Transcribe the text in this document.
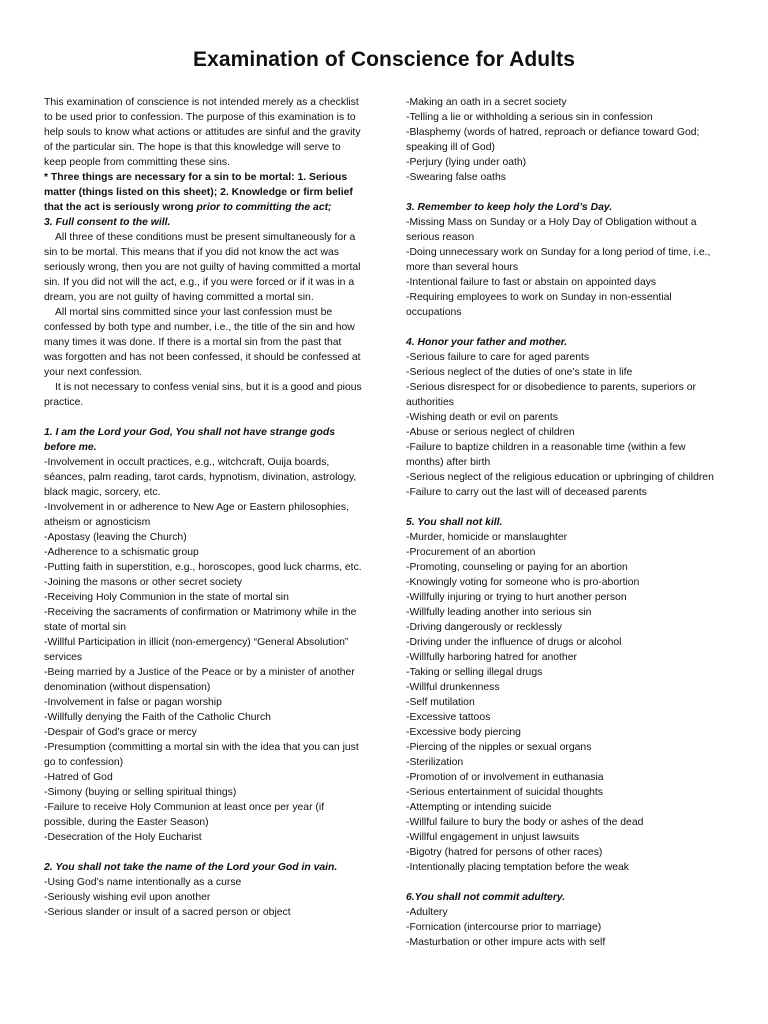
Examination of Conscience for Adults

This examination of conscience is not intended merely as a checklist to be used prior to confession. The purpose of this examination is to help souls to know what actions or attitudes are sinful and the gravity of the particular sin. The hope is that this knowledge will serve to keep people from committing these sins.

* Three things are necessary for a sin to be mortal: 1. Serious matter (things listed on this sheet); 2. Knowledge or firm belief that the act is seriously wrong prior to committing the act;
3. Full consent to the will.

All three of these conditions must be present simultaneously for a sin to be mortal. This means that if you did not know the act was seriously wrong, then you are not guilty of having committed a mortal sin. If you did not will the act, e.g., if you were forced or if it was in a dream, you are not guilty of having committed a mortal sin.

All mortal sins committed since your last confession must be confessed by both type and number, i.e., the title of the sin and how many times it was done. If there is a mortal sin from the past that was forgotten and has not been confessed, it should be confessed at your next confession.

It is not necessary to confess venial sins, but it is a good and pious practice.

1. I am the Lord your God, You shall not have strange gods before me.

-Involvement in occult practices, e.g., witchcraft, Ouija boards, séances, palm reading, tarot cards, hypnotism, divination, astrology, black magic, sorcery, etc.

-Involvement in or adherence to New Age or Eastern philosophies, atheism or agnosticism

-Apostasy (leaving the Church)

-Adherence to a schismatic group

-Putting faith in superstition, e.g., horoscopes, good luck charms, etc.

-Joining the masons or other secret society

-Receiving Holy Communion in the state of mortal sin

-Receiving the sacraments of confirmation or Matrimony while in the state of mortal sin

-Willful Participation in illicit (non-emergency) “General Absolution” services

-Being married by a Justice of the Peace or by a minister of another denomination (without dispensation)

-Involvement in false or pagan worship

-Willfully denying the Faith of the Catholic Church

-Despair of God’s grace or mercy

-Presumption (committing a mortal sin with the idea that you can just go to confession)

-Hatred of God

-Simony (buying or selling spiritual things)

-Failure to receive Holy Communion at least once per year (if possible, during the Easter Season)

-Desecration of the Holy Eucharist

2. You shall not take the name of the Lord your God in vain.

-Using God’s name intentionally as a curse

-Seriously wishing evil upon another

-Serious slander or insult of a sacred person or object

-Making an oath in a secret society

-Telling a lie or withholding a serious sin in confession

-Blasphemy (words of hatred, reproach or defiance toward God; speaking ill of God)

-Perjury (lying under oath)

-Swearing false oaths

3. Remember to keep holy the Lord’s Day.

-Missing Mass on Sunday or a Holy Day of Obligation without a serious reason

-Doing unnecessary work on Sunday for a long period of time, i.e., more than several hours

-Intentional failure to fast or abstain on appointed days

-Requiring employees to work on Sunday in non-essential occupations

4. Honor your father and mother.

-Serious failure to care for aged parents

-Serious neglect of the duties of one’s state in life

-Serious disrespect for or disobedience to parents, superiors or authorities

-Wishing death or evil on parents

-Abuse or serious neglect of children

-Failure to baptize children in a reasonable time (within a few months) after birth

-Serious neglect of the religious education or upbringing of children

-Failure to carry out the last will of deceased parents

5. You shall not kill.

-Murder, homicide or manslaughter

-Procurement of an abortion

-Promoting, counseling or paying for an abortion

-Knowingly voting for someone who is pro-abortion

-Willfully injuring or trying to hurt another person

-Willfully leading another into serious sin

-Driving dangerously or recklessly

-Driving under the influence of drugs or alcohol

-Willfully harboring hatred for another

-Taking or selling illegal drugs

-Willful drunkenness

-Self mutilation

-Excessive tattoos

-Excessive body piercing

-Piercing of the nipples or sexual organs

-Sterilization

-Promotion of or involvement in euthanasia

-Serious entertainment of suicidal thoughts

-Attempting or intending suicide

-Willful failure to bury the body or ashes of the dead

-Willful engagement in unjust lawsuits

-Bigotry (hatred for persons of other races)

-Intentionally placing temptation before the weak

6.You shall not commit adultery.

-Adultery

-Fornication (intercourse prior to marriage)

-Masturbation or other impure acts with self
